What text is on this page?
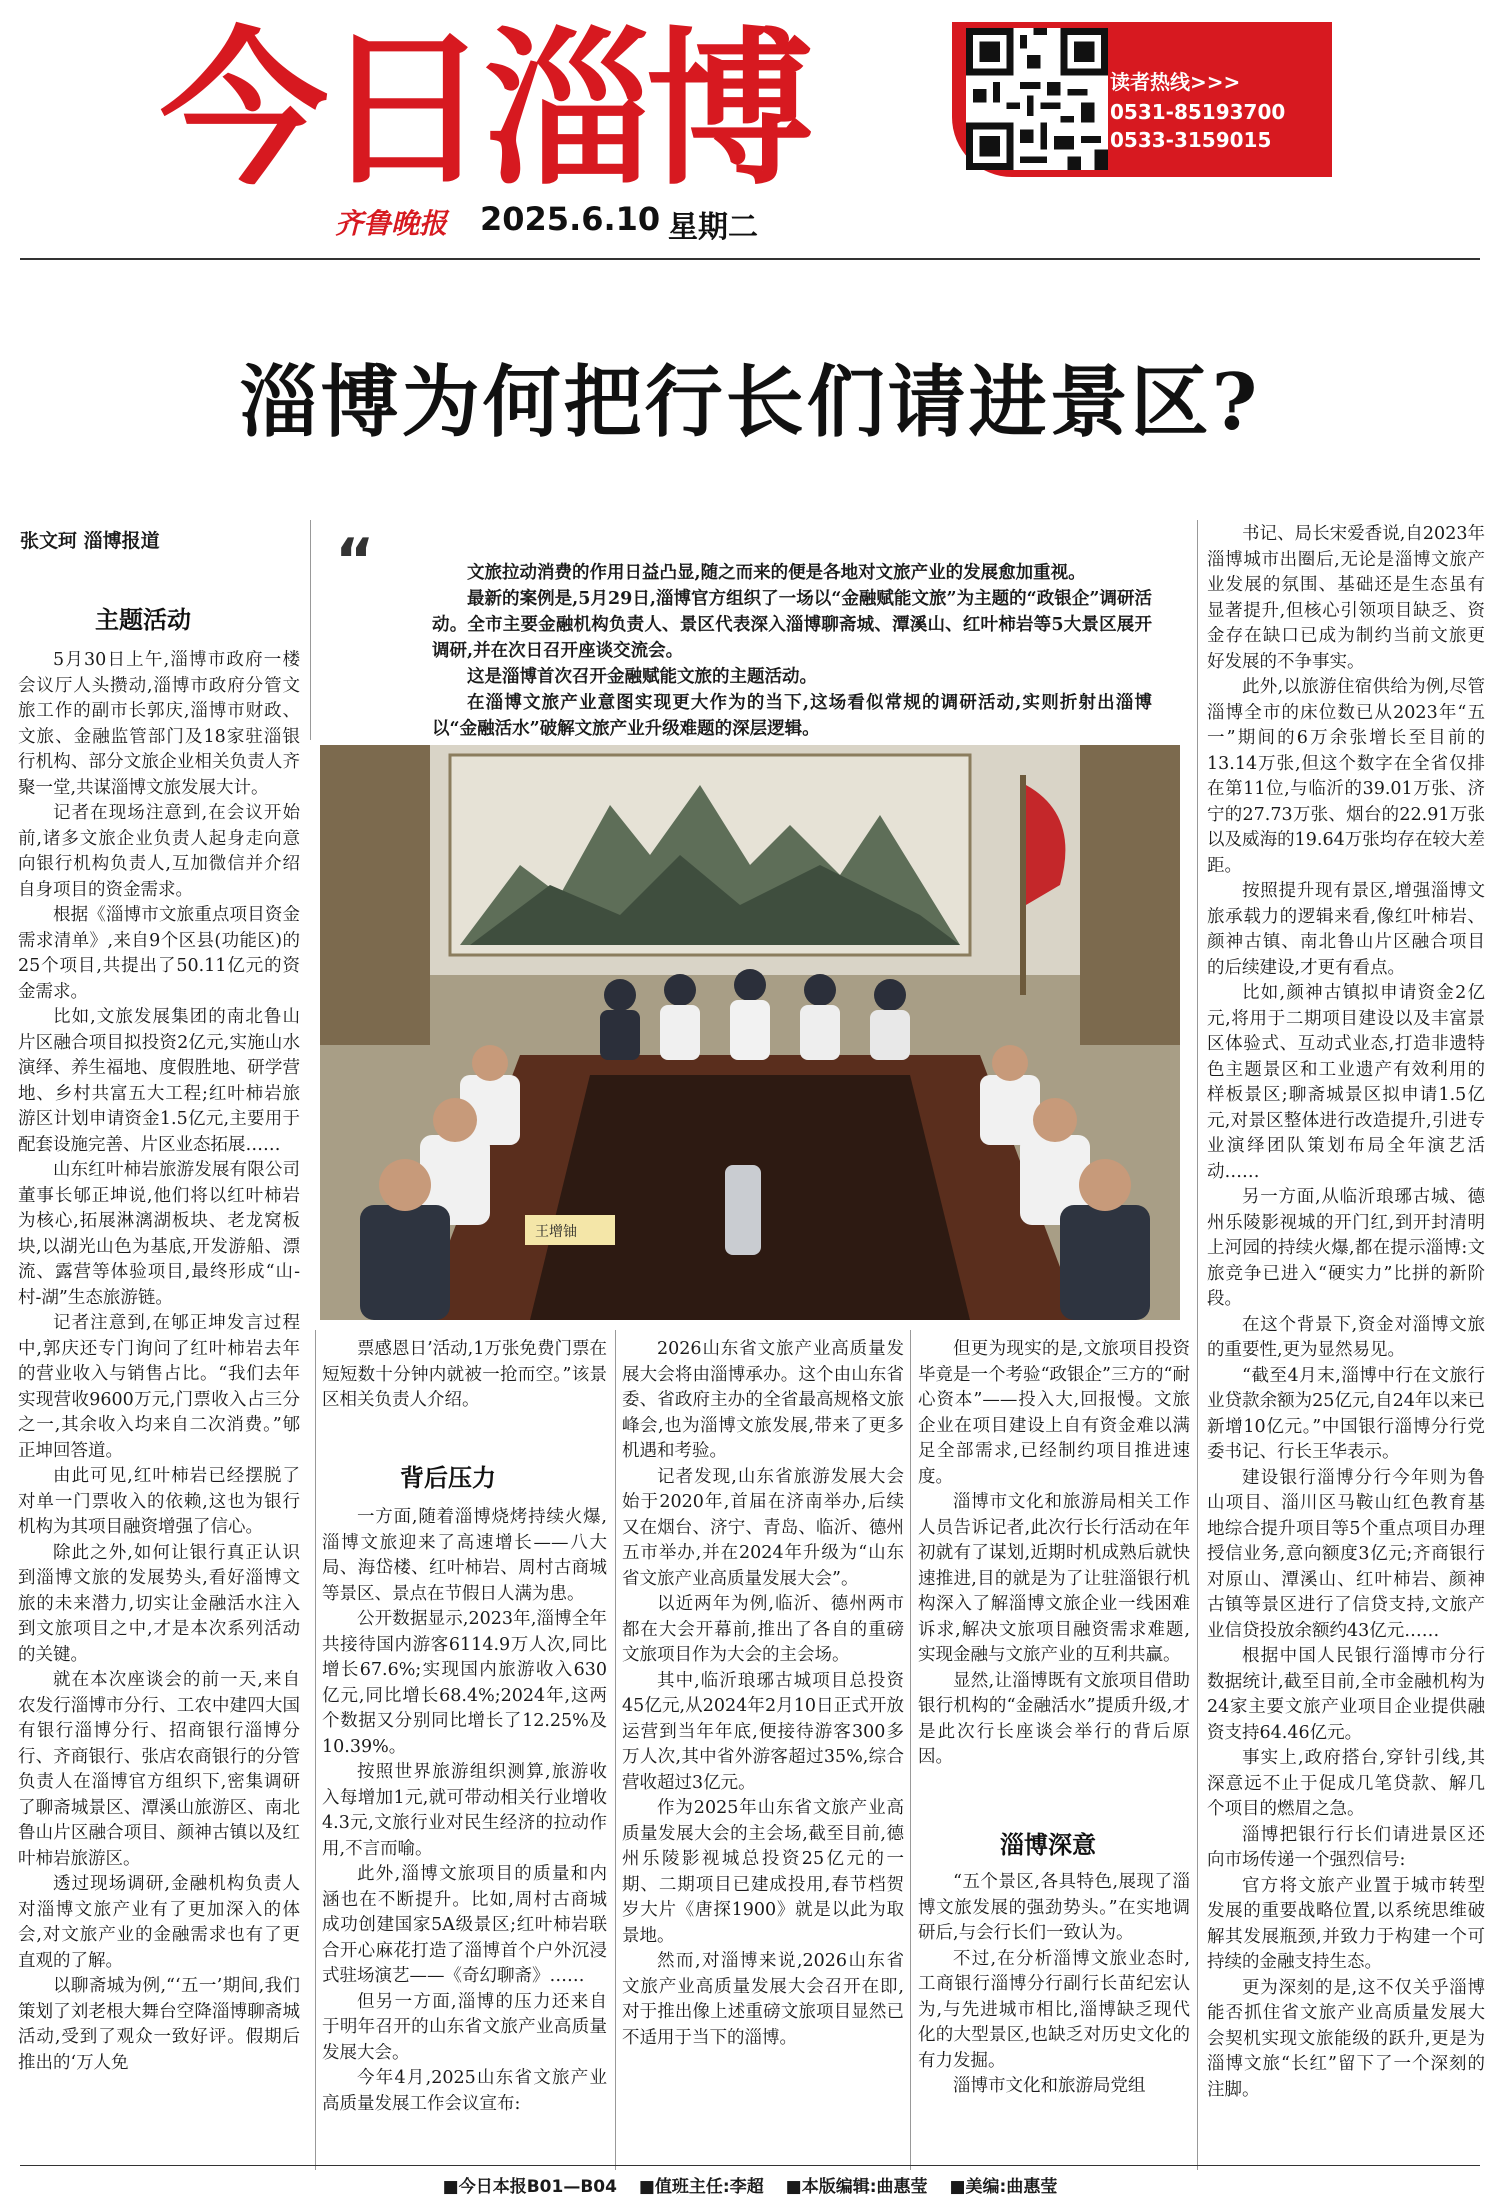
今日淄博	读者热线>>>
0531-85193700
0533-3159015
齐鲁晚报 2025.6.10 星期二
淄博为何把行长们请进景区?
张文珂 淄博报道
主题活动

5月30日上午,淄博市政府一楼会议厅人头攒动,淄博市政府分管文旅工作的副市长郭庆,淄博市财政、文旅、金融监管部门及18家驻淄银行机构、部分文旅企业相关负责人齐聚一堂,共谋淄博文旅发展大计。

记者在现场注意到,在会议开始前,诸多文旅企业负责人起身走向意向银行机构负责人,互加微信并介绍自身项目的资金需求。

根据《淄博市文旅重点项目资金需求清单》,来自9个区县(功能区)的25个项目,共提出了50.11亿元的资金需求。

比如,文旅发展集团的南北鲁山片区融合项目拟投资2亿元,实施山水演绎、养生福地、度假胜地、研学营地、乡村共富五大工程;红叶柿岩旅游区计划申请资金1.5亿元,主要用于配套设施完善、片区业态拓展……

山东红叶柿岩旅游发展有限公司董事长郇正坤说,他们将以红叶柿岩为核心,拓展淋漓湖板块、老龙窝板块,以湖光山色为基底,开发游船、漂流、露营等体验项目,最终形成“山-村-湖”生态旅游链。

记者注意到,在郇正坤发言过程中,郭庆还专门询问了红叶柿岩去年的营业收入与销售占比。“我们去年实现营收9600万元,门票收入占三分之一,其余收入均来自二次消费。”郇正坤回答道。

由此可见,红叶柿岩已经摆脱了对单一门票收入的依赖,这也为银行机构为其项目融资增强了信心。

除此之外,如何让银行真正认识到淄博文旅的发展势头,看好淄博文旅的未来潜力,切实让金融活水注入到文旅项目之中,才是本次系列活动的关键。

就在本次座谈会的前一天,来自农发行淄博市分行、工农中建四大国有银行淄博分行、招商银行淄博分行、齐商银行、张店农商银行的分管负责人在淄博官方组织下,密集调研了聊斋城景区、潭溪山旅游区、南北鲁山片区融合项目、颜神古镇以及红叶柿岩旅游区。

透过现场调研,金融机构负责人对淄博文旅产业有了更加深入的体会,对文旅产业的金融需求也有了更直观的了解。

以聊斋城为例,“‘五一’期间,我们策划了刘老根大舞台空降淄博聊斋城活动,受到了观众一致好评。假期后推出的‘万人免

“	文旅拉动消费的作用日益凸显,随之而来的便是各地对文旅产业的发展愈加重视。

最新的案例是,5月29日,淄博官方组织了一场以“金融赋能文旅”为主题的“政银企”调研活动。全市主要金融机构负责人、景区代表深入淄博聊斋城、潭溪山、红叶柿岩等5大景区展开调研,并在次日召开座谈交流会。

这是淄博首次召开金融赋能文旅的主题活动。

在淄博文旅产业意图实现更大作为的当下,这场看似常规的调研活动,实则折射出淄博以“金融活水”破解文旅产业升级难题的深层逻辑。

王增铀

票感恩日’活动,1万张免费门票在短短数十分钟内就被一抢而空。”该景区相关负责人介绍。

背后压力

一方面,随着淄博烧烤持续火爆,淄博文旅迎来了高速增长——八大局、海岱楼、红叶柿岩、周村古商城等景区、景点在节假日人满为患。

公开数据显示,2023年,淄博全年共接待国内游客6114.9万人次,同比增长67.6%;实现国内旅游收入630亿元,同比增长68.4%;2024年,这两个数据又分别同比增长了12.25%及10.39%。

按照世界旅游组织测算,旅游收入每增加1元,就可带动相关行业增收4.3元,文旅行业对民生经济的拉动作用,不言而喻。

此外,淄博文旅项目的质量和内涵也在不断提升。比如,周村古商城成功创建国家5A级景区;红叶柿岩联合开心麻花打造了淄博首个户外沉浸式驻场演艺——《奇幻聊斋》……

但另一方面,淄博的压力还来自于明年召开的山东省文旅产业高质量发展大会。

今年4月,2025山东省文旅产业高质量发展工作会议宣布:

2026山东省文旅产业高质量发展大会将由淄博承办。这个由山东省委、省政府主办的全省最高规格文旅峰会,也为淄博文旅发展,带来了更多机遇和考验。

记者发现,山东省旅游发展大会始于2020年,首届在济南举办,后续又在烟台、济宁、青岛、临沂、德州五市举办,并在2024年升级为“山东省文旅产业高质量发展大会”。

以近两年为例,临沂、德州两市都在大会开幕前,推出了各自的重磅文旅项目作为大会的主会场。

其中,临沂琅琊古城项目总投资45亿元,从2024年2月10日正式开放运营到当年年底,便接待游客300多万人次,其中省外游客超过35%,综合营收超过3亿元。

作为2025年山东省文旅产业高质量发展大会的主会场,截至目前,德州乐陵影视城总投资25亿元的一期、二期项目已建成投用,春节档贺岁大片《唐探1900》就是以此为取景地。

然而,对淄博来说,2026山东省文旅产业高质量发展大会召开在即,对于推出像上述重磅文旅项目显然已不适用于当下的淄博。

但更为现实的是,文旅项目投资毕竟是一个考验“政银企”三方的“耐心资本”——投入大,回报慢。文旅企业在项目建设上自有资金难以满足全部需求,已经制约项目推进速度。

淄博市文化和旅游局相关工作人员告诉记者,此次行长行活动在年初就有了谋划,近期时机成熟后就快速推进,目的就是为了让驻淄银行机构深入了解淄博文旅企业一线困难诉求,解决文旅项目融资需求难题,实现金融与文旅产业的互利共赢。

显然,让淄博既有文旅项目借助银行机构的“金融活水”提质升级,才是此次行长座谈会举行的背后原因。

淄博深意

“五个景区,各具特色,展现了淄博文旅发展的强劲势头。”在实地调研后,与会行长们一致认为。

不过,在分析淄博文旅业态时,工商银行淄博分行副行长苗纪宏认为,与先进城市相比,淄博缺乏现代化的大型景区,也缺乏对历史文化的有力发掘。

淄博市文化和旅游局党组

书记、局长宋爱香说,自2023年淄博城市出圈后,无论是淄博文旅产业发展的氛围、基础还是生态虽有显著提升,但核心引领项目缺乏、资金存在缺口已成为制约当前文旅更好发展的不争事实。

此外,以旅游住宿供给为例,尽管淄博全市的床位数已从2023年“五一”期间的6万余张增长至目前的13.14万张,但这个数字在全省仅排在第11位,与临沂的39.01万张、济宁的27.73万张、烟台的22.91万张以及威海的19.64万张均存在较大差距。

按照提升现有景区,增强淄博文旅承载力的逻辑来看,像红叶柿岩、颜神古镇、南北鲁山片区融合项目的后续建设,才更有看点。

比如,颜神古镇拟申请资金2亿元,将用于二期项目建设以及丰富景区体验式、互动式业态,打造非遗特色主题景区和工业遗产有效利用的样板景区;聊斋城景区拟申请1.5亿元,对景区整体进行改造提升,引进专业演绎团队策划布局全年演艺活动……

另一方面,从临沂琅琊古城、德州乐陵影视城的开门红,到开封清明上河园的持续火爆,都在提示淄博:文旅竞争已进入“硬实力”比拼的新阶段。

在这个背景下,资金对淄博文旅的重要性,更为显然易见。

“截至4月末,淄博中行在文旅行业贷款余额为25亿元,自24年以来已新增10亿元。”中国银行淄博分行党委书记、行长王华表示。

建设银行淄博分行今年则为鲁山项目、淄川区马鞍山红色教育基地综合提升项目等5个重点项目办理授信业务,意向额度3亿元;齐商银行对原山、潭溪山、红叶柿岩、颜神古镇等景区进行了信贷支持,文旅产业信贷投放余额约43亿元……

根据中国人民银行淄博市分行数据统计,截至目前,全市金融机构为24家主要文旅产业项目企业提供融资支持64.46亿元。

事实上,政府搭台,穿针引线,其深意远不止于促成几笔贷款、解几个项目的燃眉之急。

淄博把银行行长们请进景区还向市场传递一个强烈信号:

官方将文旅产业置于城市转型发展的重要战略位置,以系统思维破解其发展瓶颈,并致力于构建一个可持续的金融支持生态。

更为深刻的是,这不仅关乎淄博能否抓住省文旅产业高质量发展大会契机实现文旅能级的跃升,更是为淄博文旅“长红”留下了一个深刻的注脚。

■今日本报B01—B04 ■值班主任:李超 ■本版编辑:曲惠莹 ■美编:曲惠莹
